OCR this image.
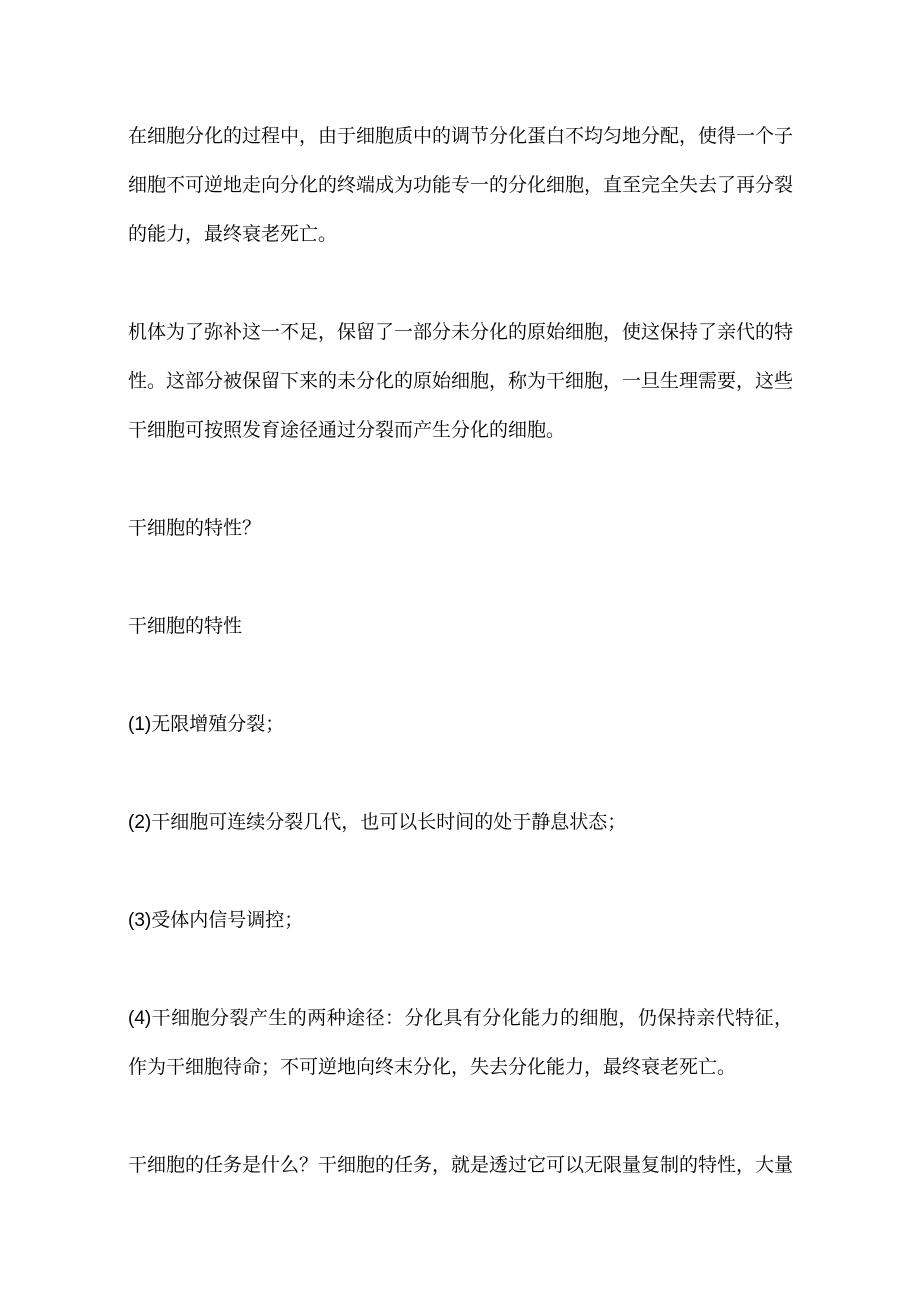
在细胞分化的过程中，由于细胞质中的调节分化蛋白不均匀地分配，使得一个子细胞不可逆地走向分化的终端成为功能专一的分化细胞，直至完全失去了再分裂的能力，最终衰老死亡。

机体为了弥补这一不足，保留了一部分未分化的原始细胞，使这保持了亲代的特性。这部分被保留下来的未分化的原始细胞，称为干细胞，一旦生理需要，这些干细胞可按照发育途径通过分裂而产生分化的细胞。

干细胞的特性？

干细胞的特性

(1)无限增殖分裂；

(2)干细胞可连续分裂几代，也可以长时间的处于静息状态；

(3)受体内信号调控；

(4)干细胞分裂产生的两种途径：分化具有分化能力的细胞，仍保持亲代特征，作为干细胞待命；不可逆地向终末分化，失去分化能力，最终衰老死亡。

干细胞的任务是什么？干细胞的任务，就是透过它可以无限量复制的特性，大量
